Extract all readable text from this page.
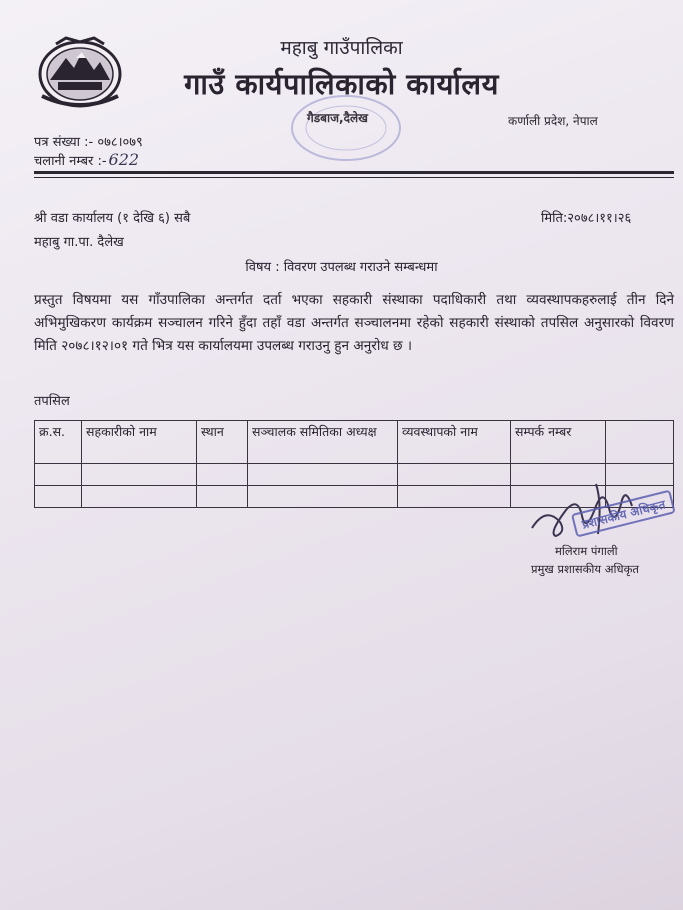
महाबु गाउँपालिका
गाउँ कार्यपालिकाको कार्यालय
गैडबाज,दैलेख	कर्णाली प्रदेश, नेपाल
पत्र संख्या :- ०७८।०७९
चलानी नम्बर :- 622
श्री वडा कार्यालय (१ देखि ६) सबै
महाबु गा.पा. दैलेख
मिति:२०७८।११।२६
विषय : विवरण उपलब्ध गराउने सम्बन्धमा
प्रस्तुत विषयमा यस गाँउपालिका अन्तर्गत दर्ता भएका सहकारी संस्थाका पदाधिकारी तथा व्यवस्थापकहरुलाई तीन दिने अभिमुखिकरण कार्यक्रम सञ्चालन गरिने हुँदा तहाँ वडा अन्तर्गत सञ्चालनमा रहेको सहकारी संस्थाको तपसिल अनुसारको विवरण मिति २०७८।१२।०१ गते भित्र यस कार्यालयमा उपलब्ध गराउनु हुन अनुरोध छ ।
तपसिल
क्र.स.	सहकारीको नाम	स्थान	सञ्चालक समितिका अध्यक्ष	व्यवस्थापको नाम	सम्पर्क नम्बर	

प्रशासकीय अधिकृत
मलिराम पंगाली
प्रमुख प्रशासकीय अधिकृत
